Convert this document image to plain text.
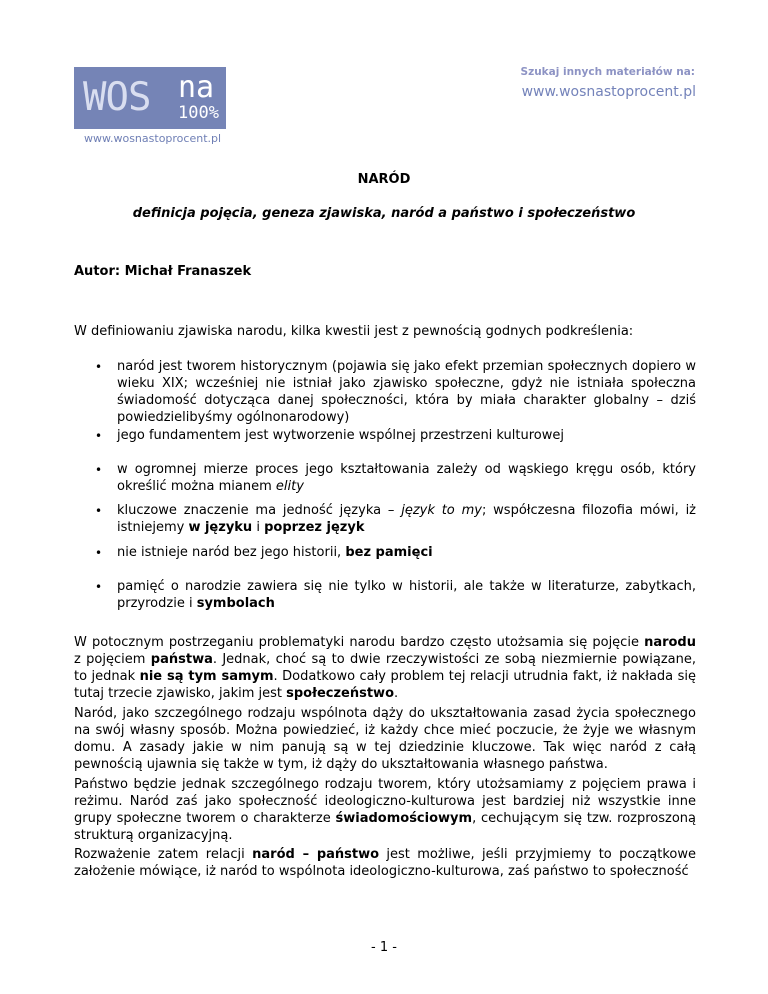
WOS na
100%
www.wosnastoprocent.pl
Szukaj innych materiałów na:
www.wosnastoprocent.pl
NARÓD
definicja pojęcia, geneza zjawiska, naród a państwo i społeczeństwo
Autor: Michał Franaszek

W definiowaniu zjawiska narodu, kilka kwestii jest z pewnością godnych podkreślenia:

• naród jest tworem historycznym (pojawia się jako efekt przemian społecznych dopiero w wieku XIX; wcześniej nie istniał jako zjawisko społeczne, gdyż nie istniała społeczna świadomość dotycząca danej społeczności, która by miała charakter globalny – dziś powiedzielibyśmy ogólnonarodowy)

• jego fundamentem jest wytworzenie wspólnej przestrzeni kulturowej

• w ogromnej mierze proces jego kształtowania zależy od wąskiego kręgu osób, który określić można mianem elity

• kluczowe znaczenie ma jedność języka – język to my; współczesna filozofia mówi, iż istniejemy w języku i poprzez język

• nie istnieje naród bez jego historii, bez pamięci

• pamięć o narodzie zawiera się nie tylko w historii, ale także w literaturze, zabytkach, przyrodzie i symbolach

W potocznym postrzeganiu problematyki narodu bardzo często utożsamia się pojęcie narodu z pojęciem państwa. Jednak, choć są to dwie rzeczywistości ze sobą niezmiernie powiązane, to jednak nie są tym samym. Dodatkowo cały problem tej relacji utrudnia fakt, iż nakłada się tutaj trzecie zjawisko, jakim jest społeczeństwo.

Naród, jako szczególnego rodzaju wspólnota dąży do ukształtowania zasad życia społecznego na swój własny sposób. Można powiedzieć, iż każdy chce mieć poczucie, że żyje we własnym domu. A zasady jakie w nim panują są w tej dziedzinie kluczowe. Tak więc naród z całą pewnością ujawnia się także w tym, iż dąży do ukształtowania własnego państwa.

Państwo będzie jednak szczególnego rodzaju tworem, który utożsamiamy z pojęciem prawa i reżimu. Naród zaś jako społeczność ideologiczno-kulturowa jest bardziej niż wszystkie inne grupy społeczne tworem o charakterze świadomościowym, cechującym się tzw. rozproszoną strukturą organizacyjną.

Rozważenie zatem relacji naród – państwo jest możliwe, jeśli przyjmiemy to początkowe założenie mówiące, iż naród to wspólnota ideologiczno-kulturowa, zaś państwo to społeczność

- 1 -
